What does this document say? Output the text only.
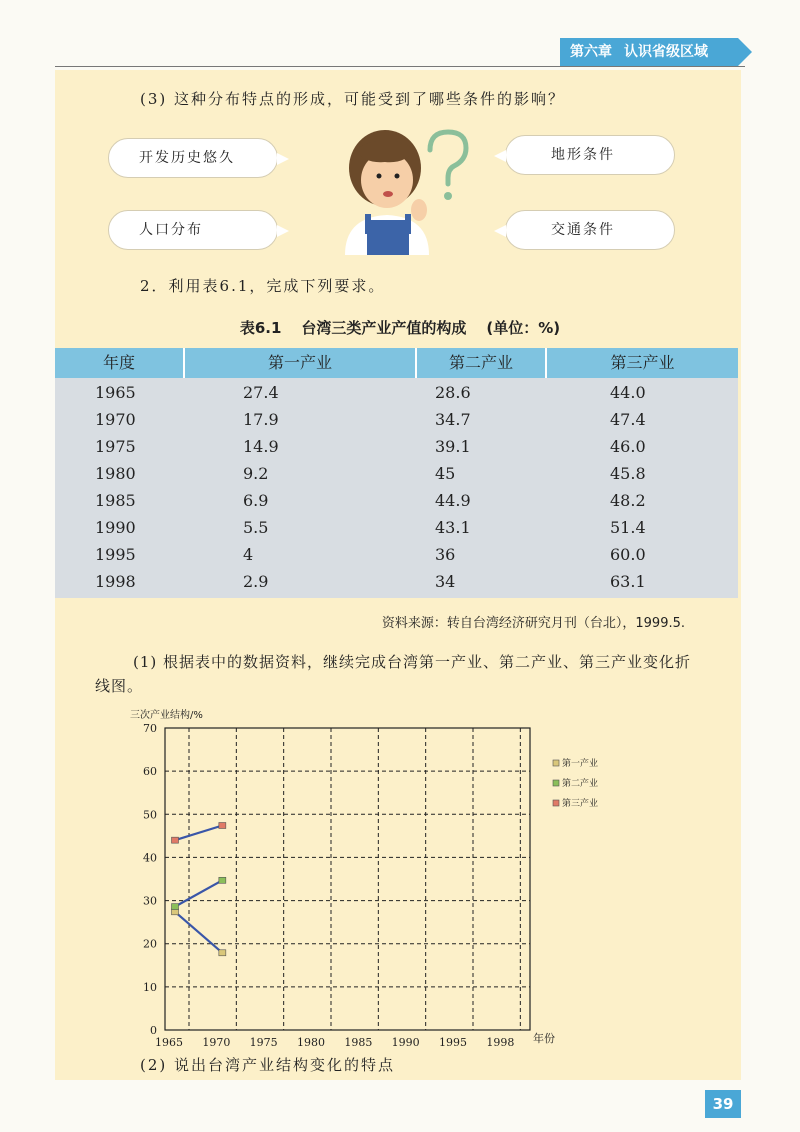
第六章 认识省级区域
(3) 这种分布特点的形成，可能受到了哪些条件的影响？
开发历史悠久
人口分布
地形条件
交通条件
2．利用表6.1，完成下列要求。
表6.1 台湾三类产业产值的构成 (单位：%)
年度	第一产业	第二产业	第三产业
1965	27.4	28.6	44.0
1970	17.9	34.7	47.4
1975	14.9	39.1	46.0
1980	9.2	45	45.8
1985	6.9	44.9	48.2
1990	5.5	43.1	51.4
1995	4	36	60.0
1998	2.9	34	63.1
资料来源：转自台湾经济研究月刊（台北），1999.5.
(1) 根据表中的数据资料，继续完成台湾第一产业、第二产业、第三产业变化折线图。
0
10
20
30
40
50
60
70
1965 1970 1975 1980 1985 1990 1995 1998
三次产业结构/%
年份
第一产业
第二产业
第三产业
(2) 说出台湾产业结构变化的特点
39
